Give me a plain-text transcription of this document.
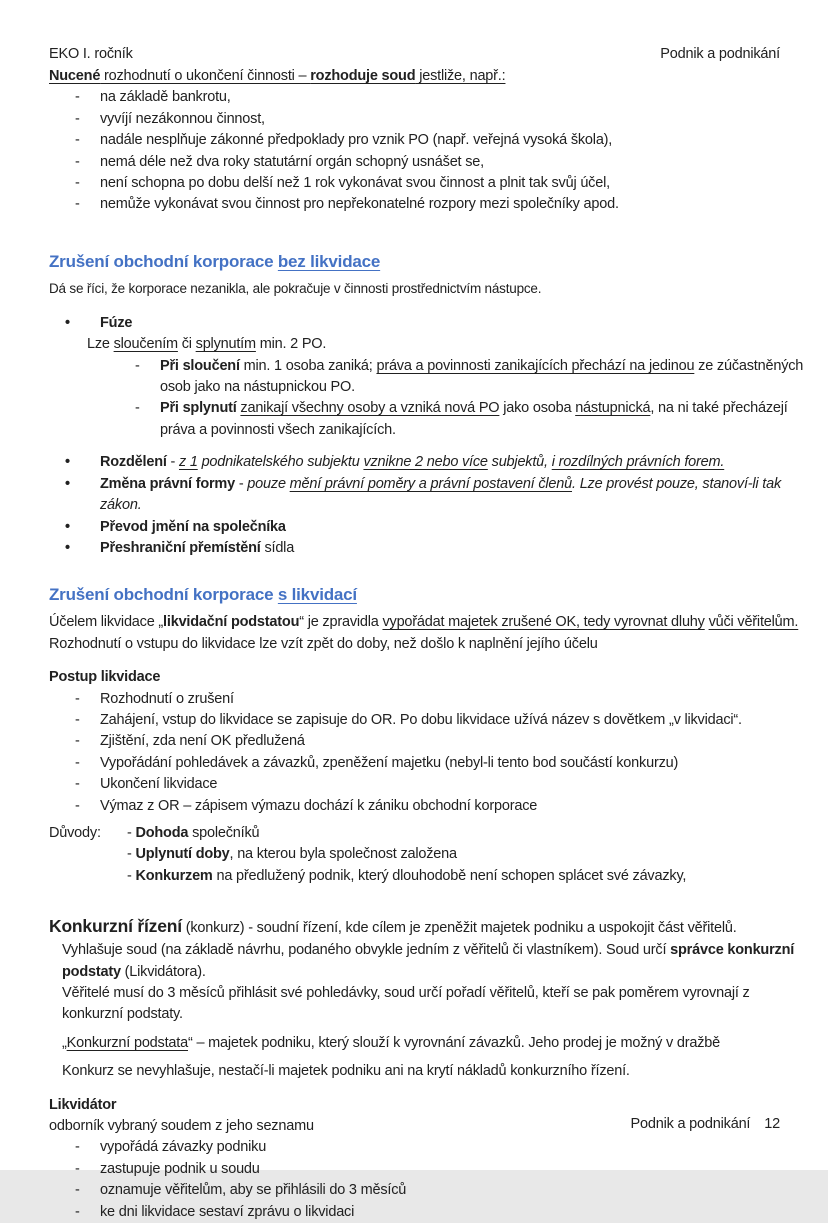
EKO I. ročník	Podnik a podnikání
Nucené rozhodnutí o ukončení činnosti – rozhoduje soud jestliže, např.:
-	na základě bankrotu,
-	vyvíjí nezákonnou činnost,
-	nadále nesplňuje zákonné předpoklady pro vznik PO (např. veřejná vysoká škola),
-	nemá déle než dva roky statutární orgán schopný usnášet se,
-	není schopna po dobu delší než 1 rok vykonávat svou činnost a plnit tak svůj účel,
-	nemůže vykonávat svou činnost pro nepřekonatelné rozpory mezi společníky apod.
Zrušení obchodní korporace bez likvidace
Dá se říci, že korporace nezanikla, ale pokračuje v činnosti prostřednictvím nástupce.
•	Fúze
Lze sloučením či splynutím min. 2 PO.
-	Při sloučení min. 1 osoba zaniká; práva a povinnosti zanikajících přechází na jedinou ze zúčastněných osob jako na nástupnickou PO.
-	Při splynutí zanikají všechny osoby a vzniká nová PO jako osoba nástupnická, na ni také přecházejí práva a povinnosti všech zanikajících.
•	Rozdělení - z 1 podnikatelského subjektu vznikne 2 nebo více subjektů, i rozdílných právních forem.
•	Změna právní formy - pouze mění právní poměry a právní postavení členů. Lze provést pouze, stanoví-li tak zákon.
•	Převod jmění na společníka
•	Přeshraniční přemístění sídla
Zrušení obchodní korporace s likvidací
Účelem likvidace „likvidační podstatou“ je zpravidla vypořádat majetek zrušené OK, tedy vyrovnat dluhy vůči věřitelům.
Rozhodnutí o vstupu do likvidace lze vzít zpět do doby, než došlo k naplnění jejího účelu
Postup likvidace
-	Rozhodnutí o zrušení
-	Zahájení, vstup do likvidace se zapisuje do OR. Po dobu likvidace užívá název s dovětkem „v likvidaci“.
-	Zjištění, zda není OK předlužená
-	Vypořádání pohledávek a závazků, zpeněžení majetku (nebyl-li tento bod součástí konkurzu)
-	Ukončení likvidace
-	Výmaz z OR – zápisem výmazu dochází k zániku obchodní korporace
Důvody:	- Dohoda společníků
- Uplynutí doby, na kterou byla společnost založena
- Konkurzem na předlužený podnik, který dlouhodobě není schopen splácet své závazky,
Konkurzní řízení (konkurz) - soudní řízení, kde cílem je zpeněžit majetek podniku a uspokojit část věřitelů.
Vyhlašuje soud (na základě návrhu, podaného obvykle jedním z věřitelů či vlastníkem). Soud určí správce konkurzní podstaty (Likvidátora).
Věřitelé musí do 3 měsíců přihlásit své pohledávky, soud určí pořadí věřitelů, kteří se pak poměrem vyrovnají z konkurzní podstaty.
„Konkurzní podstata“ – majetek podniku, který slouží k vyrovnání závazků. Jeho prodej je možný v dražbě
Konkurz se nevyhlašuje, nestačí-li majetek podniku ani na krytí nákladů konkurzního řízení.
Likvidátor
odborník vybraný soudem z jeho seznamu
-	vypořádá závazky podniku
-	zastupuje podnik u soudu
-	oznamuje věřitelům, aby se přihlásili do 3 měsíců
-	ke dni likvidace sestaví zprávu o likvidaci
Podnik a podnikání 12
